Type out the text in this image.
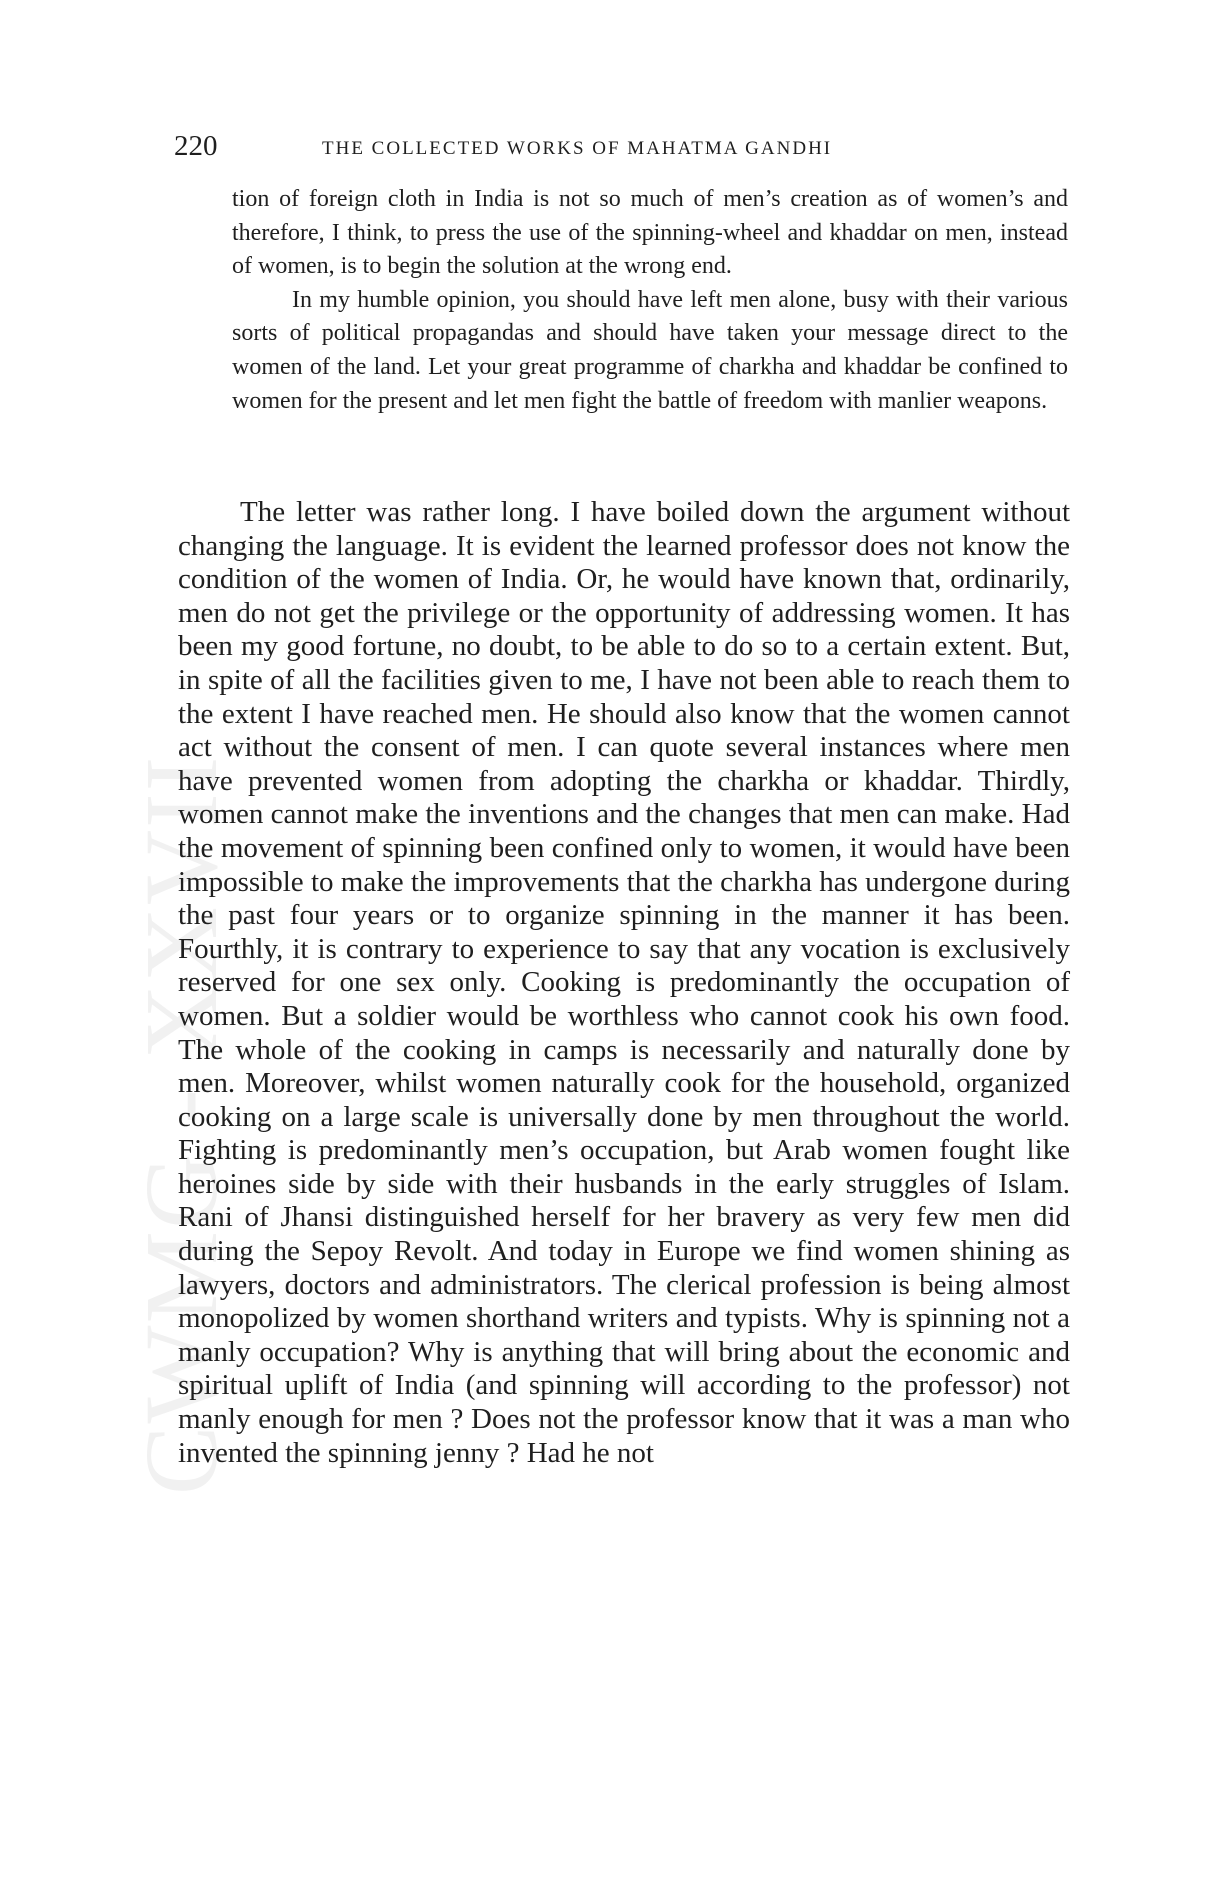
CWMG - XXVII
220	THE COLLECTED WORKS OF MAHATMA GANDHI

tion of foreign cloth in India is not so much of men’s creation as of women’s and therefore, I think, to press the use of the spinning-wheel and khaddar on men, instead of women, is to begin the solution at the wrong end.

In my humble opinion, you should have left men alone, busy with their various sorts of political propagandas and should have taken your message direct to the women of the land. Let your great programme of charkha and khaddar be confined to women for the present and let men fight the battle of freedom with manlier weapons.

The letter was rather long. I have boiled down the argument without changing the language. It is evident the learned professor does not know the condition of the women of India. Or, he would have known that, ordinarily, men do not get the privilege or the opportunity of addressing women. It has been my good fortune, no doubt, to be able to do so to a certain extent. But, in spite of all the facilities given to me, I have not been able to reach them to the extent I have reached men. He should also know that the women cannot act without the consent of men. I can quote several instances where men have prevented women from adopting the charkha or khaddar. Thirdly, women cannot make the inventions and the changes that men can make. Had the movement of spinning been confined only to women, it would have been impossible to make the improvements that the charkha has undergone during the past four years or to organize spinning in the manner it has been. Fourthly, it is contrary to experience to say that any vocation is exclusively reserved for one sex only. Cooking is predominantly the occupation of women. But a soldier would be worthless who cannot cook his own food. The whole of the cooking in camps is necessarily and naturally done by men. Moreover, whilst women naturally cook for the household, organized cooking on a large scale is universally done by men throughout the world. Fighting is predominantly men’s occupation, but Arab women fought like heroines side by side with their husbands in the early struggles of Islam. Rani of Jhansi distinguished herself for her bravery as very few men did during the Sepoy Revolt. And today in Europe we find women shining as lawyers, doctors and administrators. The clerical profession is being almost monopolized by women shorthand writers and typists. Why is spinning not a manly occupation? Why is anything that will bring about the economic and spiritual uplift of India (and spinning will according to the professor) not manly enough for men ? Does not the professor know that it was a man who invented the spinning jenny ? Had he not
